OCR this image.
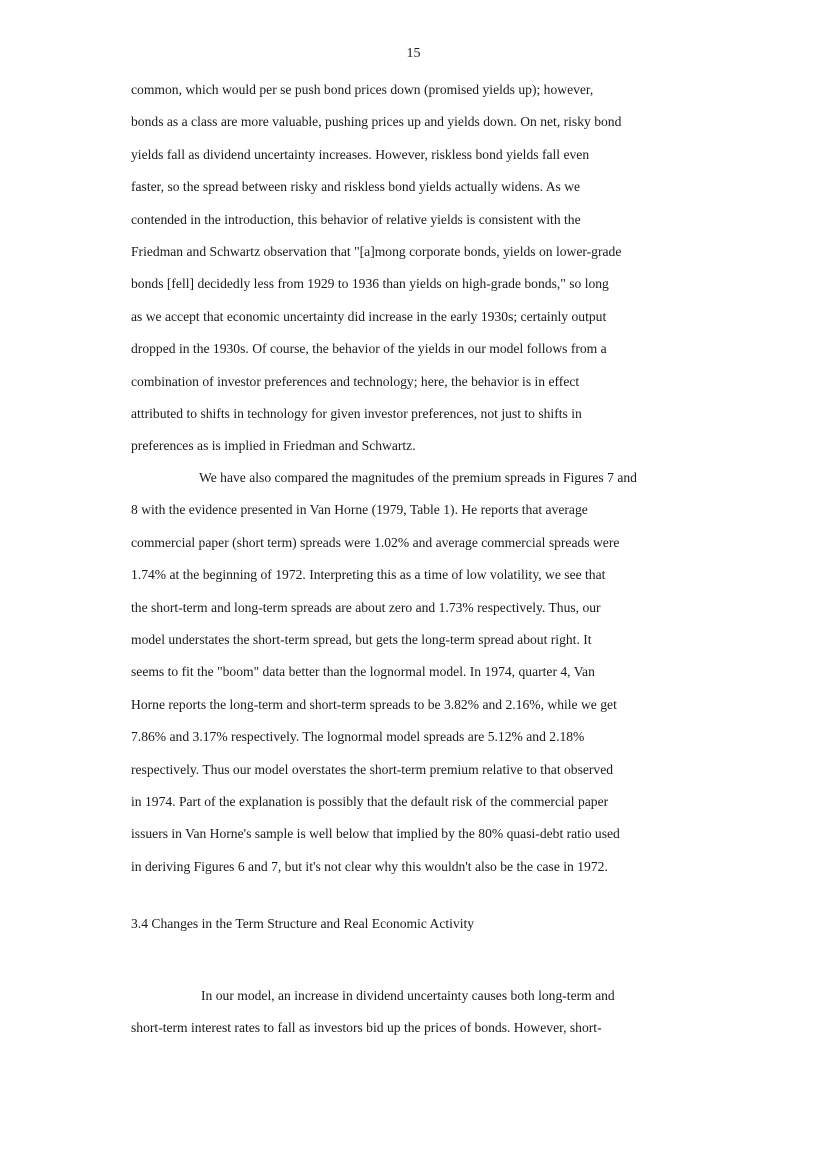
15
common, which would per se push bond prices down (promised yields up); however,
bonds as a class are more valuable, pushing prices up and yields down. On net, risky bond
yields fall as dividend uncertainty increases. However, riskless bond yields fall even
faster, so the spread between risky and riskless bond yields actually widens. As we
contended in the introduction, this behavior of relative yields is consistent with the
Friedman and Schwartz observation that "[a]mong corporate bonds, yields on lower-grade
bonds [fell] decidedly less from 1929 to 1936 than yields on high-grade bonds," so long
as we accept that economic uncertainty did increase in the early 1930s; certainly output
dropped in the 1930s. Of course, the behavior of the yields in our model follows from a
combination of investor preferences and technology; here, the behavior is in effect
attributed to shifts in technology for given investor preferences, not just to shifts in
preferences as is implied in Friedman and Schwartz.
We have also compared the magnitudes of the premium spreads in Figures 7 and
8 with the evidence presented in Van Horne (1979, Table 1). He reports that average
commercial paper (short term) spreads were 1.02% and average commercial spreads were
1.74% at the beginning of 1972. Interpreting this as a time of low volatility, we see that
the short-term and long-term spreads are about zero and 1.73% respectively. Thus, our
model understates the short-term spread, but gets the long-term spread about right. It
seems to fit the "boom" data better than the lognormal model. In 1974, quarter 4, Van
Horne reports the long-term and short-term spreads to be 3.82% and 2.16%, while we get
7.86% and 3.17% respectively. The lognormal model spreads are 5.12% and 2.18%
respectively. Thus our model overstates the short-term premium relative to that observed
in 1974. Part of the explanation is possibly that the default risk of the commercial paper
issuers in Van Horne's sample is well below that implied by the 80% quasi-debt ratio used
in deriving Figures 6 and 7, but it's not clear why this wouldn't also be the case in 1972.
3.4 Changes in the Term Structure and Real Economic Activity
In our model, an increase in dividend uncertainty causes both long-term and
short-term interest rates to fall as investors bid up the prices of bonds. However, short-
